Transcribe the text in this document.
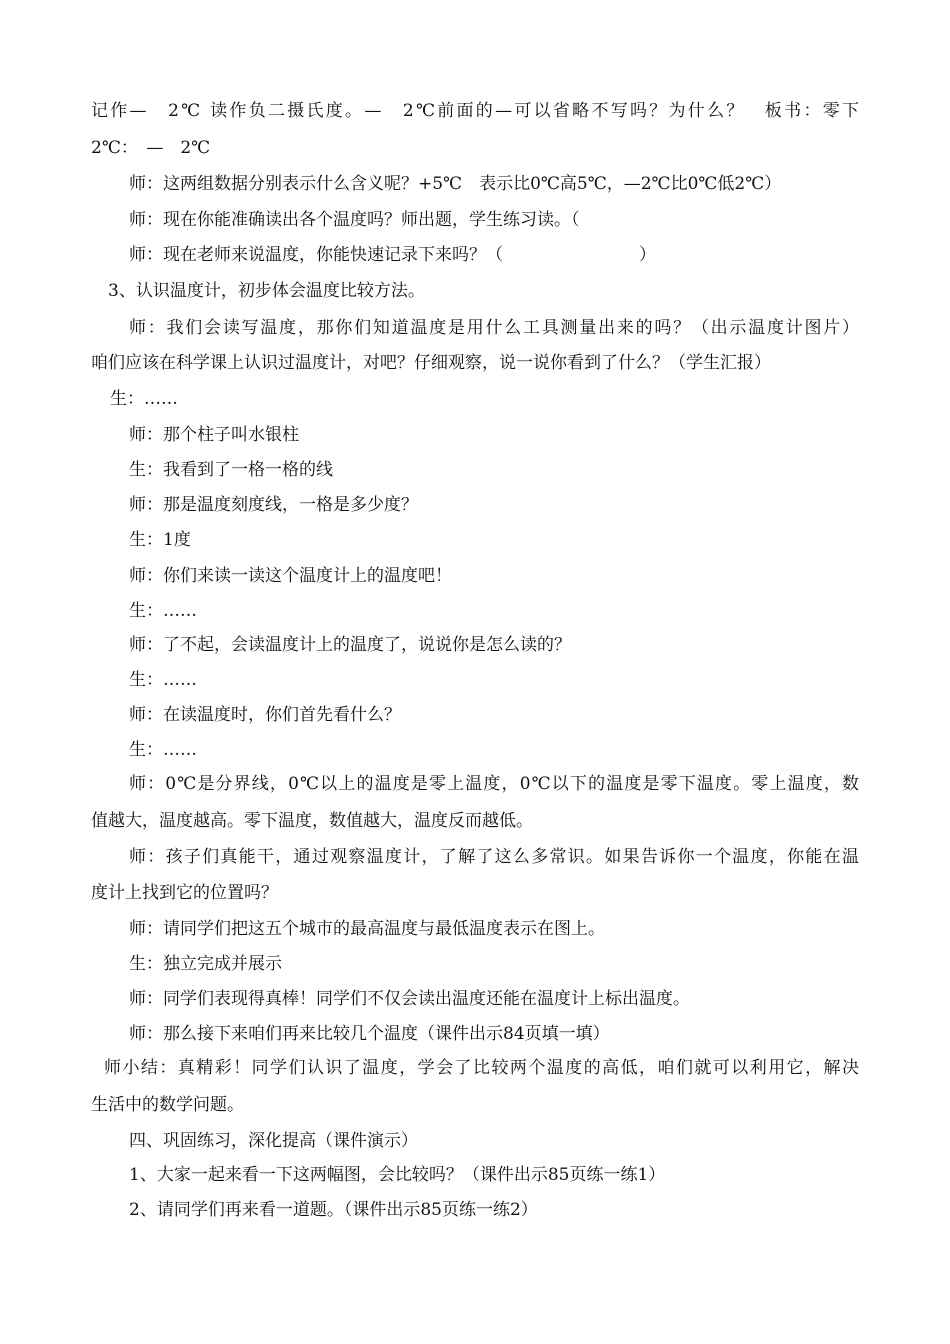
记作—　2℃ 读作负二摄氏度。—　2℃前面的—可以省略不写吗？为什么？　板书：零下
2℃：　—　2℃
师：这两组数据分别表示什么含义呢？+5℃　表示比0℃高5℃，—2℃比0℃低2℃）
师：现在你能准确读出各个温度吗？师出题，学生练习读。（
师：现在老师来说温度，你能快速记录下来吗？（　　　　　　　　）
3、认识温度计，初步体会温度比较方法。
师：我们会读写温度，那你们知道温度是用什么工具测量出来的吗？（出示温度计图片）
咱们应该在科学课上认识过温度计，对吧？仔细观察，说一说你看到了什么？（学生汇报）
生：……
师：那个柱子叫水银柱
生：我看到了一格一格的线
师：那是温度刻度线，一格是多少度？
生：1度
师：你们来读一读这个温度计上的温度吧！
生：……
师：了不起，会读温度计上的温度了，说说你是怎么读的？
生：……
师：在读温度时，你们首先看什么？
生：……
师：0℃是分界线，0℃以上的温度是零上温度，0℃以下的温度是零下温度。零上温度，数
值越大，温度越高。零下温度，数值越大，温度反而越低。
师：孩子们真能干，通过观察温度计，了解了这么多常识。如果告诉你一个温度，你能在温
度计上找到它的位置吗？
师：请同学们把这五个城市的最高温度与最低温度表示在图上。
生：独立完成并展示
师：同学们表现得真棒！同学们不仅会读出温度还能在温度计上标出温度。
师：那么接下来咱们再来比较几个温度（课件出示84页填一填）
师小结：真精彩！同学们认识了温度，学会了比较两个温度的高低，咱们就可以利用它，解决
生活中的数学问题。
四、巩固练习，深化提高（课件演示）
1、大家一起来看一下这两幅图，会比较吗？（课件出示85页练一练1）
2、请同学们再来看一道题。（课件出示85页练一练2）
